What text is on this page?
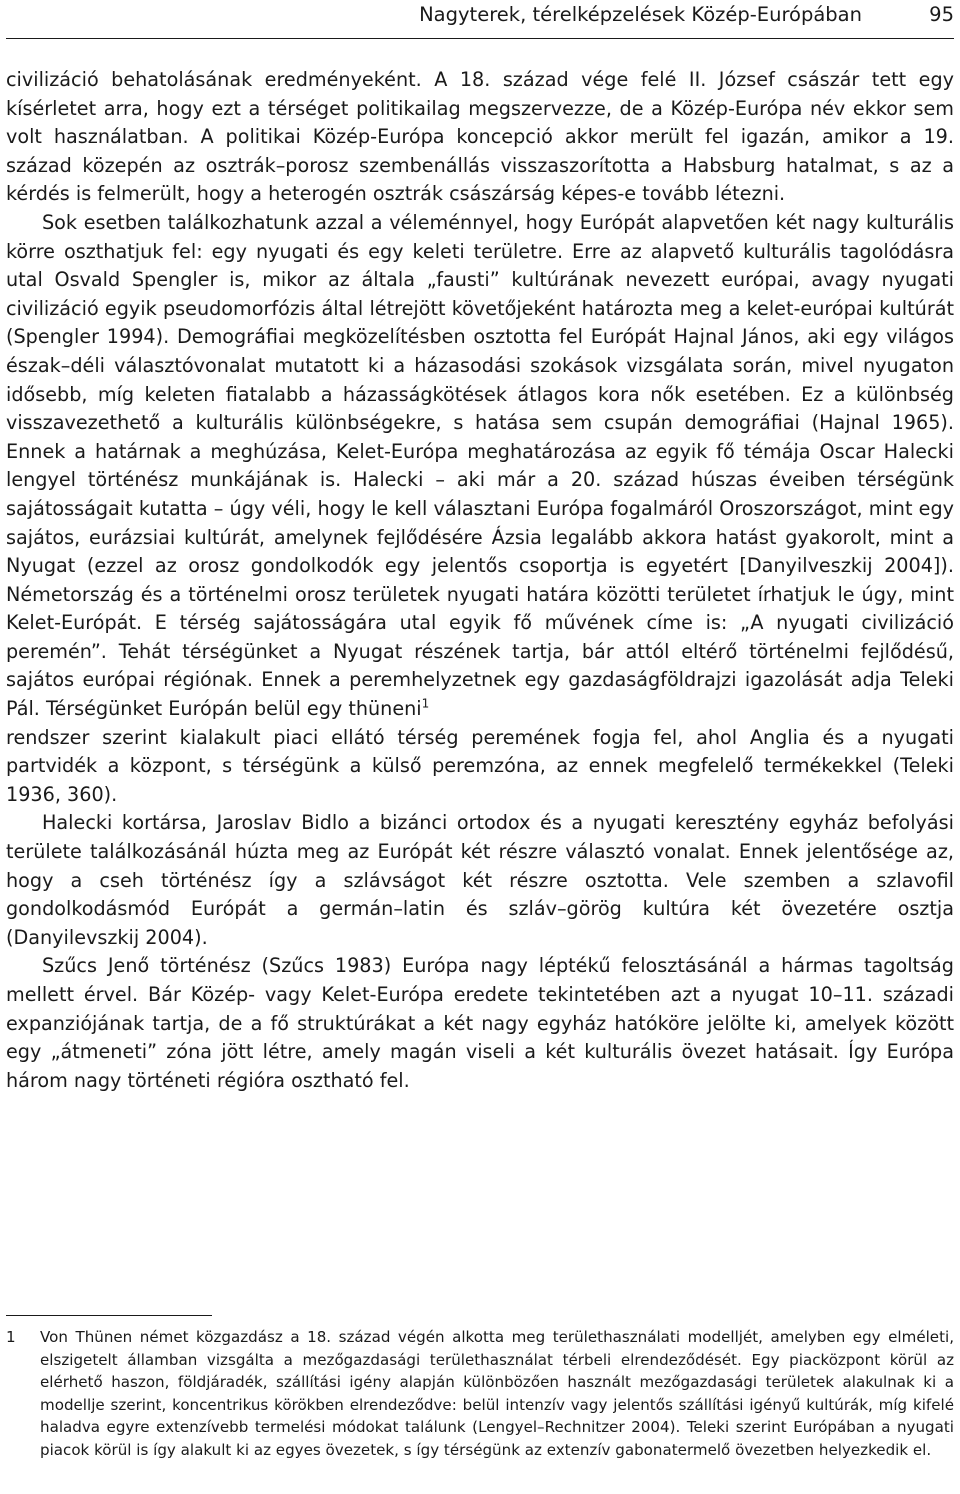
Nagyterek, térelképzelések Közép-Európában	95

civilizáció behatolásának eredményeként. A 18. század vége felé II. József császár tett egy kísérletet arra, hogy ezt a térséget politikailag megszervezze, de a Közép-Európa név ekkor sem volt használatban. A politikai Közép-Európa koncepció akkor merült fel igazán, amikor a 19. század közepén az osztrák–porosz szembenállás visszaszorította a Habsburg hatalmat, s az a kérdés is felmerült, hogy a heterogén osztrák császárság képes-e tovább létezni.

Sok esetben találkozhatunk azzal a véleménnyel, hogy Európát alapvetően két nagy kulturális körre oszthatjuk fel: egy nyugati és egy keleti területre. Erre az alapvető kulturális tagolódásra utal Osvald Spengler is, mikor az általa „fausti” kultúrának nevezett európai, avagy nyugati civilizáció egyik pseudomorfózis által létrejött követőjeként határozta meg a kelet-európai kultúrát (Spengler 1994). Demográfiai megközelítésben osztotta fel Európát Hajnal János, aki egy világos észak–déli választóvonalat mutatott ki a házasodási szokások vizsgálata során, mivel nyugaton idősebb, míg keleten fiatalabb a házasságkötések átlagos kora nők esetében. Ez a különbség visszavezethető a kulturális különbségekre, s hatása sem csupán demográfiai (Hajnal 1965). Ennek a határnak a meghúzása, Kelet-Európa meghatározása az egyik fő témája Oscar Halecki lengyel történész munkájának is. Halecki – aki már a 20. század húszas éveiben térségünk sajátosságait kutatta – úgy véli, hogy le kell választani Európa fogalmáról Oroszországot, mint egy sajátos, eurázsiai kultúrát, amelynek fejlődésére Ázsia legalább akkora hatást gyakorolt, mint a Nyugat (ezzel az orosz gondolkodók egy jelentős csoportja is egyetért [Danyilveszkij 2004]). Németország és a történelmi orosz területek nyugati határa közötti területet írhatjuk le úgy, mint Kelet-Európát. E térség sajátosságára utal egyik fő művének címe is: „A nyugati civilizáció peremén”. Tehát térségünket a Nyugat részének tartja, bár attól eltérő történelmi fejlődésű, sajátos európai régiónak. Ennek a peremhelyzetnek egy gazdaságföldrajzi igazolását adja Teleki Pál. Térségünket Európán belül egy thüneni$^1$

rendszer szerint kialakult piaci ellátó térség peremének fogja fel, ahol Anglia és a nyugati partvidék a központ, s térségünk a külső peremzóna, az ennek megfelelő termékekkel (Teleki 1936, 360).

Halecki kortársa, Jaroslav Bidlo a bizánci ortodox és a nyugati keresztény egyház befolyási területe találkozásánál húzta meg az Európát két részre választó vonalat. Ennek jelentősége az, hogy a cseh történész így a szlávságot két részre osztotta. Vele szemben a szlavofil gondolkodásmód Európát a germán–latin és szláv–görög kultúra két övezetére osztja (Danyilevszkij 2004).

Szűcs Jenő történész (Szűcs 1983) Európa nagy léptékű felosztásánál a hármas tagoltság mellett érvel. Bár Közép- vagy Kelet-Európa eredete tekintetében azt a nyugat 10–11. századi expanziójának tartja, de a fő struktúrákat a két nagy egyház hatóköre jelölte ki, amelyek között egy „átmeneti” zóna jött létre, amely magán viseli a két kulturális övezet hatásait. Így Európa három nagy történeti régióra osztható fel.

1 Von Thünen német közgazdász a 18. század végén alkotta meg területhasználati modelljét, amelyben egy elméleti, elszigetelt államban vizsgálta a mezőgazdasági területhasználat térbeli elrendeződését. Egy piacközpont körül az elérhető haszon, földjáradék, szállítási igény alapján különbözően használt mezőgazdasági területek alakulnak ki a modellje szerint, koncentrikus körökben elrendeződve: belül intenzív vagy jelentős szállítási igényű kultúrák, míg kifelé haladva egyre extenzívebb termelési módokat találunk (Lengyel–Rechnitzer 2004). Teleki szerint Európában a nyugati piacok körül is így alakult ki az egyes övezetek, s így térségünk az extenzív gabonatermelő övezetben helyezkedik el.
